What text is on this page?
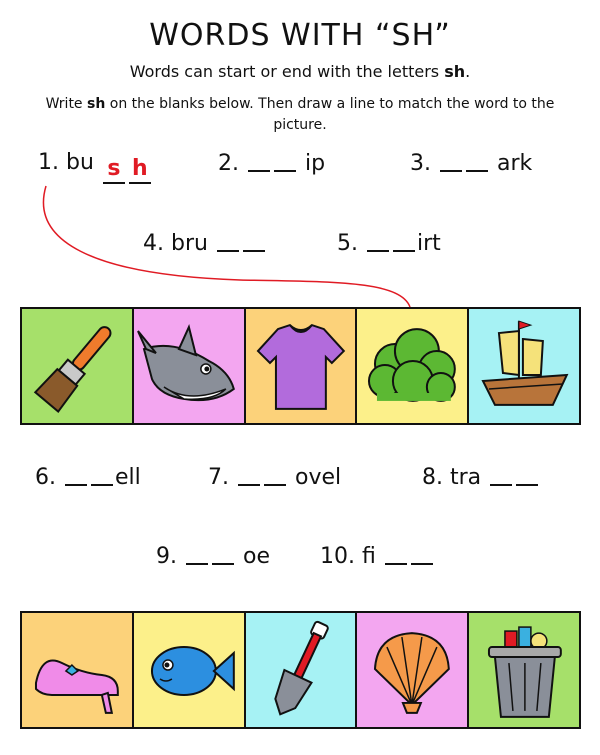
WORDS WITH “SH”
Words can start or end with the letters sh.
Write sh on the blanks below. Then draw a line to match the word to the picture.
1. bu s h	2.	ip	3.	ark
4. bru	5. irt
6. ell	7.	ovel	8. tra
9.	oe 10. fi
